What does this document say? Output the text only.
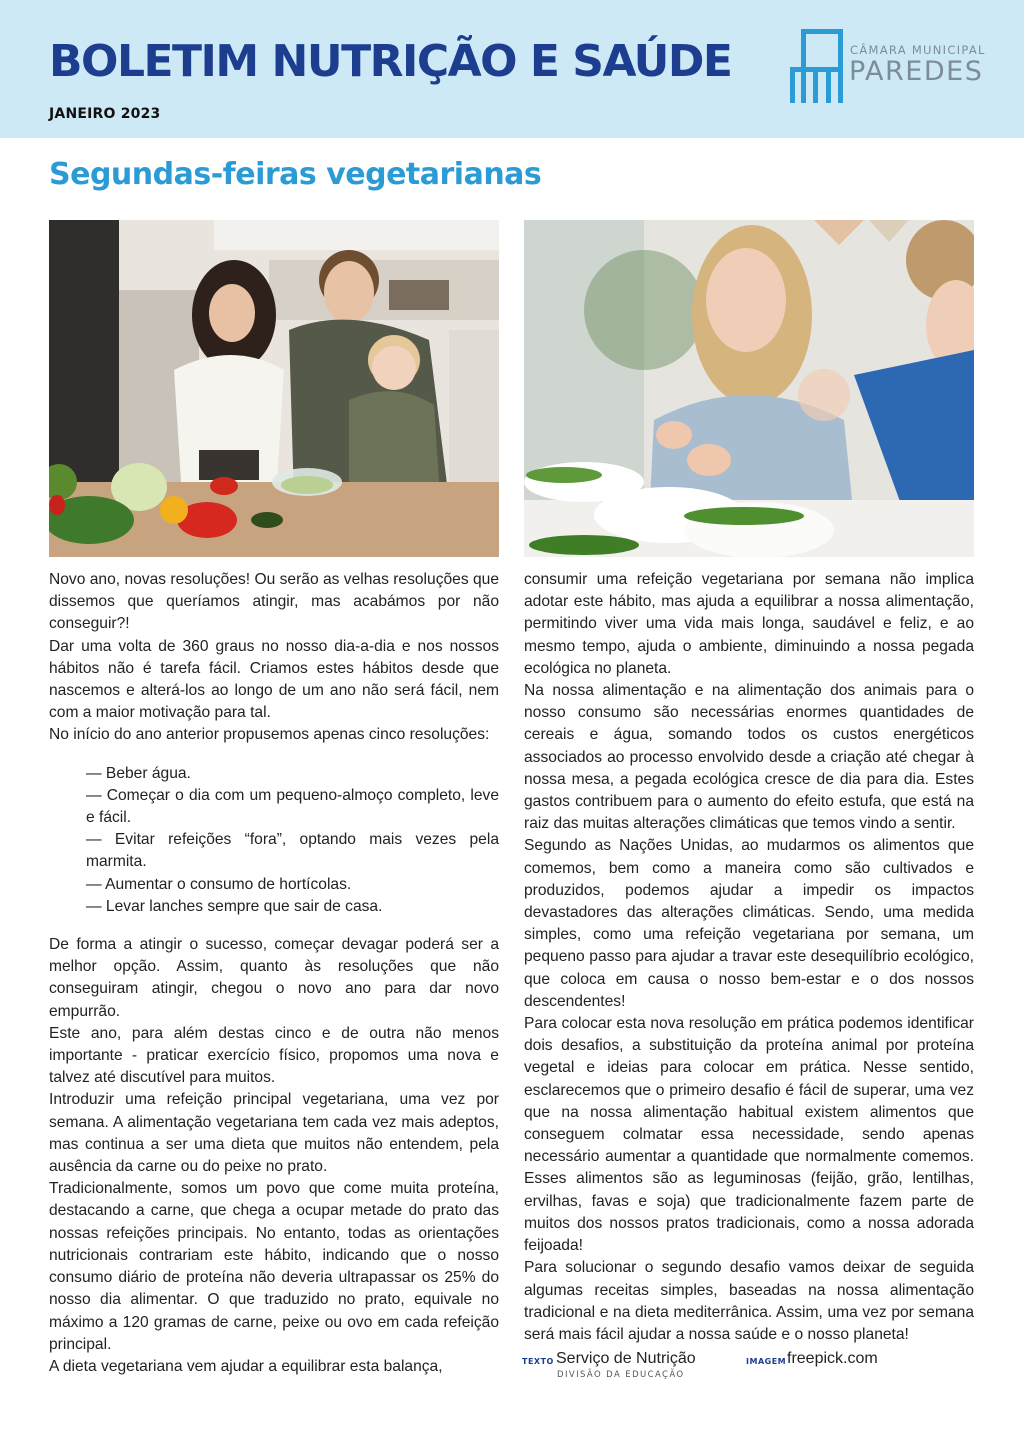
BOLETIM NUTRIÇÃO E SAÚDE
JANEIRO 2023
CÂMARA MUNICIPAL
PAREDES
Segundas-feiras vegetarianas

Novo ano, novas resoluções! Ou serão as velhas resoluções que dissemos que queríamos atingir, mas acabámos por não conseguir?!

Dar uma volta de 360 graus no nosso dia-a-dia e nos nossos hábitos não é tarefa fácil. Criamos estes hábitos desde que nascemos e alterá-los ao longo de um ano não será fácil, nem com a maior motivação para tal.

No início do ano anterior propusemos apenas cinco resoluções:

— Beber água.
— Começar o dia com um pequeno-almoço completo, leve e fácil.
— Evitar refeições “fora”, optando mais vezes pela marmita.
— Aumentar o consumo de hortícolas.
— Levar lanches sempre que sair de casa.

De forma a atingir o sucesso, começar devagar poderá ser a melhor opção. Assim, quanto às resoluções que não conseguiram atingir, chegou o novo ano para dar novo empurrão.

Este ano, para além destas cinco e de outra não menos importante - praticar exercício físico, propomos uma nova e talvez até discutível para muitos.

Introduzir uma refeição principal vegetariana, uma vez por semana. A alimentação vegetariana tem cada vez mais adeptos, mas continua a ser uma dieta que muitos não entendem, pela ausência da carne ou do peixe no prato.

Tradicionalmente, somos um povo que come muita proteína, destacando a carne, que chega a ocupar metade do prato das nossas refeições principais. No entanto, todas as orientações nutricionais contrariam este hábito, indicando que o nosso consumo diário de proteína não deveria ultrapassar os 25% do nosso dia alimentar. O que traduzido no prato, equivale no máximo a 120 gramas de carne, peixe ou ovo em cada refeição principal.

A dieta vegetariana vem ajudar a equilibrar esta balança,

consumir uma refeição vegetariana por semana não implica adotar este hábito, mas ajuda a equilibrar a nossa alimentação, permitindo viver uma vida mais longa, saudável e feliz, e ao mesmo tempo, ajuda o ambiente, diminuindo a nossa pegada ecológica no planeta.

Na nossa alimentação e na alimentação dos animais para o nosso consumo são necessárias enormes quantidades de cereais e água, somando todos os custos energéticos associados ao processo envolvido desde a criação até chegar à nossa mesa, a pegada ecológica cresce de dia para dia. Estes gastos contribuem para o aumento do efeito estufa, que está na raiz das muitas alterações climáticas que temos vindo a sentir.

Segundo as Nações Unidas, ao mudarmos os alimentos que comemos, bem como a maneira como são cultivados e produzidos, podemos ajudar a impedir os impactos devastadores das alterações climáticas. Sendo, uma medida simples, como uma refeição vegetariana por semana, um pequeno passo para ajudar a travar este desequilíbrio ecológico, que coloca em causa o nosso bem-estar e o dos nossos descendentes!

Para colocar esta nova resolução em prática podemos identificar dois desafios, a substituição da proteína animal por proteína vegetal e ideias para colocar em prática. Nesse sentido, esclarecemos que o primeiro desafio é fácil de superar, uma vez que na nossa alimentação habitual existem alimentos que conseguem colmatar essa necessidade, sendo apenas necessário aumentar a quantidade que normalmente comemos. Esses alimentos são as leguminosas (feijão, grão, lentilhas, ervilhas, favas e soja) que tradicionalmente fazem parte de muitos dos nossos pratos tradicionais, como a nossa adorada feijoada!

Para solucionar o segundo desafio vamos deixar de seguida algumas receitas simples, baseadas na nossa alimentação tradicional e na dieta mediterrânica. Assim, uma vez por semana será mais fácil ajudar a nossa saúde e o nosso planeta!

TEXTO Serviço de Nutrição
DIVISÃO DA EDUCAÇÃO
IMAGEM freepick.com
